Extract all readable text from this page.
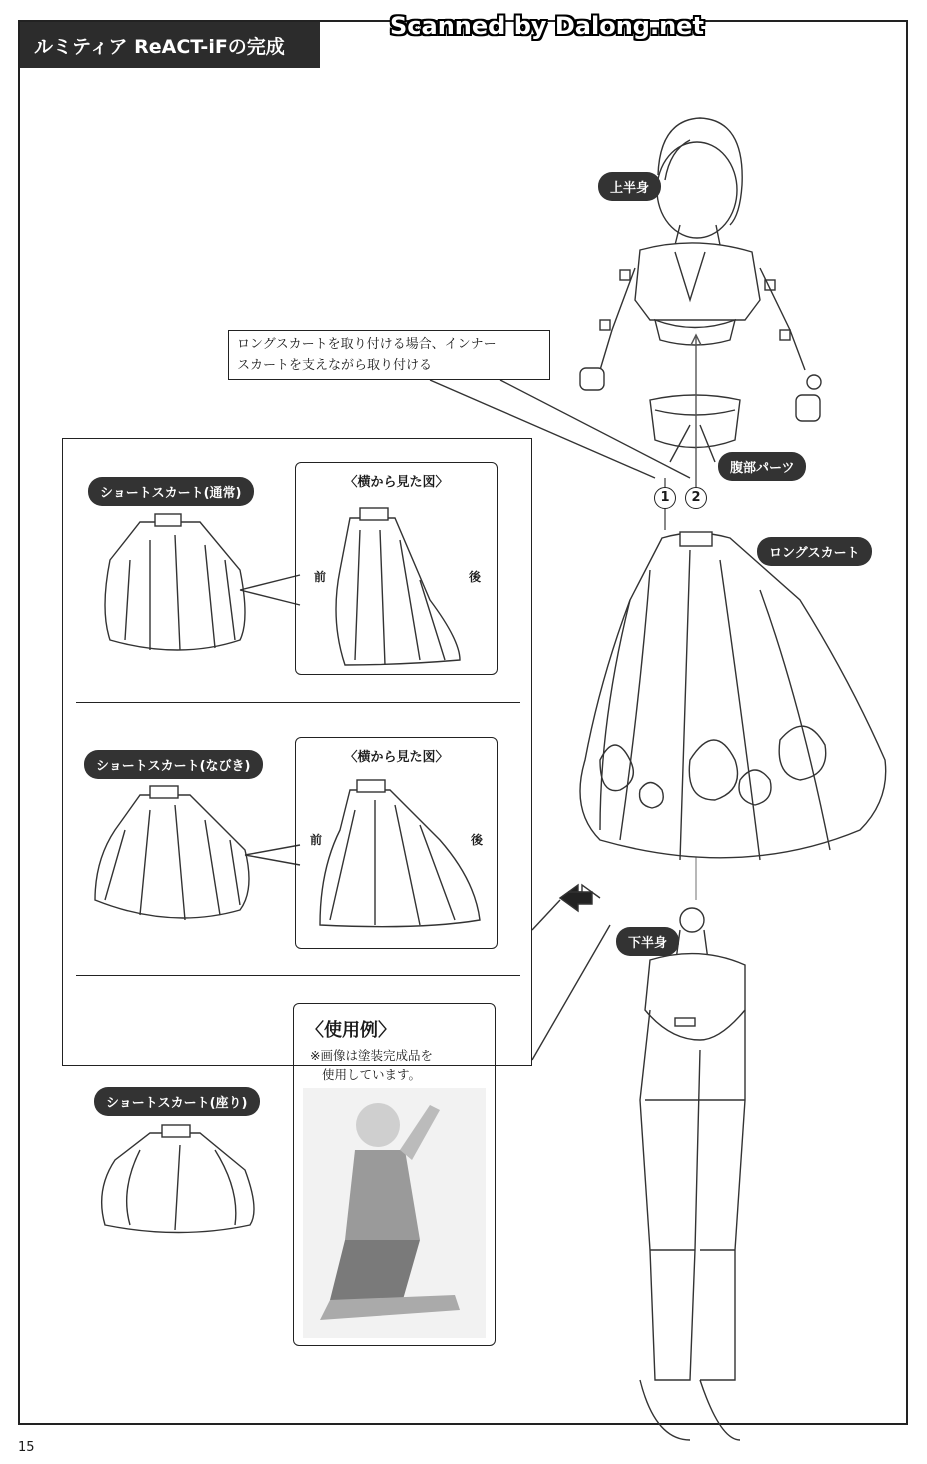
ルミティア ReACT-iFの完成
Scanned by Dalong.net
上半身
腹部パーツ
ロングスカート
下半身
ロングスカートを取り付ける場合、インナー
スカートを支えながら取り付ける
1	2
ショートスカート(通常)
〈横から見た図〉
前	後
ショートスカート(なびき)
〈横から見た図〉
前	後
ショートスカート(座り)
〈使用例〉
※画像は塗装完成品を
使用しています。
15
